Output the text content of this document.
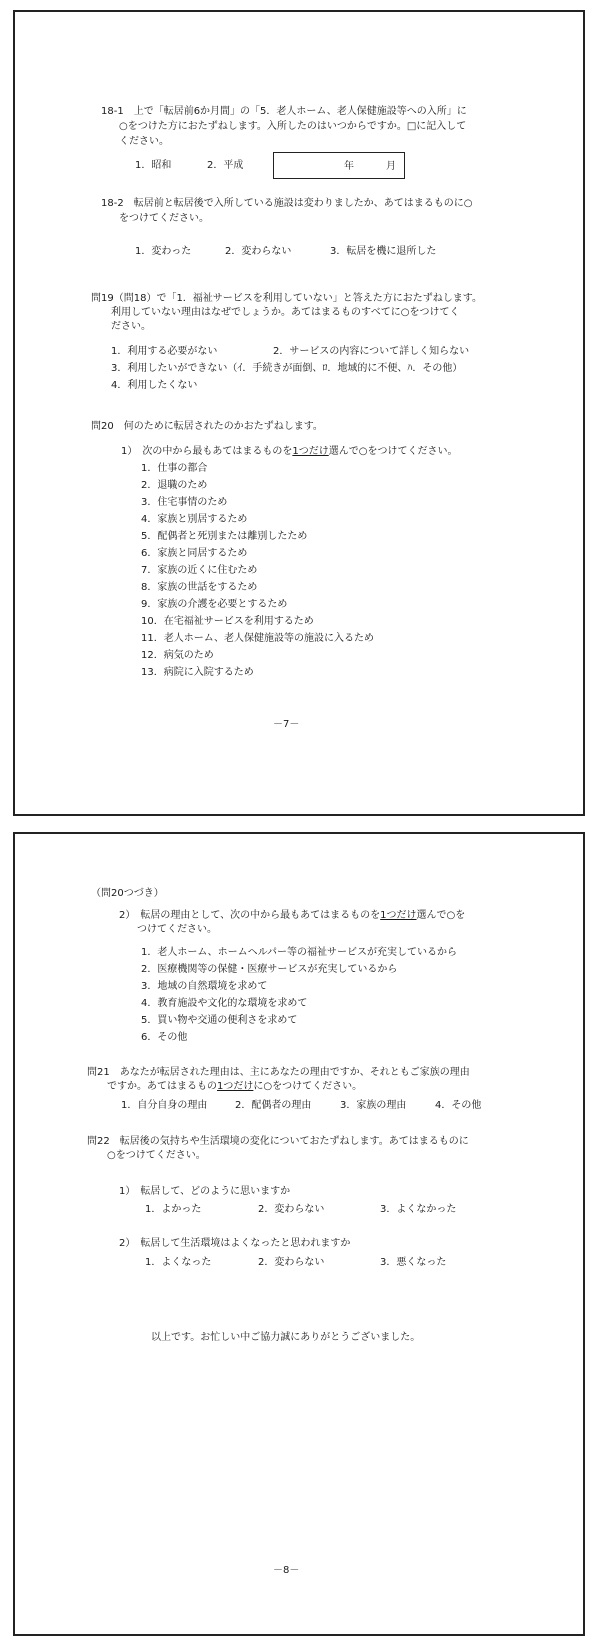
18-1　上で「転居前6か月間」の「5．老人ホーム、老人保健施設等への入所」に
○をつけた方におたずねします。入所したのはいつからですか。□に記入して
ください。
1．昭和	2．平成	年	月
18-2　転居前と転居後で入所している施設は変わりましたか、あてはまるものに○
をつけてください。
1．変わった	2．変わらない	3．転居を機に退所した
問19（問18）で「1．福祉サービスを利用していない」と答えた方におたずねします。
利用していない理由はなぜでしょうか。あてはまるものすべてに○をつけてく
ださい。
1．利用する必要がない	2．サービスの内容について詳しく知らない
3．利用したいができない（ｲ．手続きが面倒、ﾛ．地域的に不便、ﾊ．その他）
4．利用したくない
問20　何のために転居されたのかおたずねします。
1）　次の中から最もあてはまるものを1つだけ選んで○をつけてください。
1．仕事の都合
2．退職のため
3．住宅事情のため
4．家族と別居するため
5．配偶者と死別または離別したため
6．家族と同居するため
7．家族の近くに住むため
8．家族の世話をするため
9．家族の介護を必要とするため
10．在宅福祉サービスを利用するため
11．老人ホーム、老人保健施設等の施設に入るため
12．病気のため
13．病院に入院するため
－7－
（問20つづき）
2）　転居の理由として、次の中から最もあてはまるものを1つだけ選んで○を
つけてください。
1．老人ホーム、ホームヘルパー等の福祉サービスが充実しているから
2．医療機関等の保健・医療サービスが充実しているから
3．地域の自然環境を求めて
4．教育施設や文化的な環境を求めて
5．買い物や交通の便利さを求めて
6．その他
問21　あなたが転居された理由は、主にあなたの理由ですか、それともご家族の理由
ですか。あてはまるもの1つだけに○をつけてください。
1．自分自身の理由	2．配偶者の理由	3．家族の理由	4．その他
問22　転居後の気持ちや生活環境の変化についておたずねします。あてはまるものに
○をつけてください。
1）　転居して、どのように思いますか
1．よかった	2．変わらない	3．よくなかった
2）　転居して生活環境はよくなったと思われますか
1．よくなった	2．変わらない	3．悪くなった
以上です。お忙しい中ご協力誠にありがとうございました。
－8－
